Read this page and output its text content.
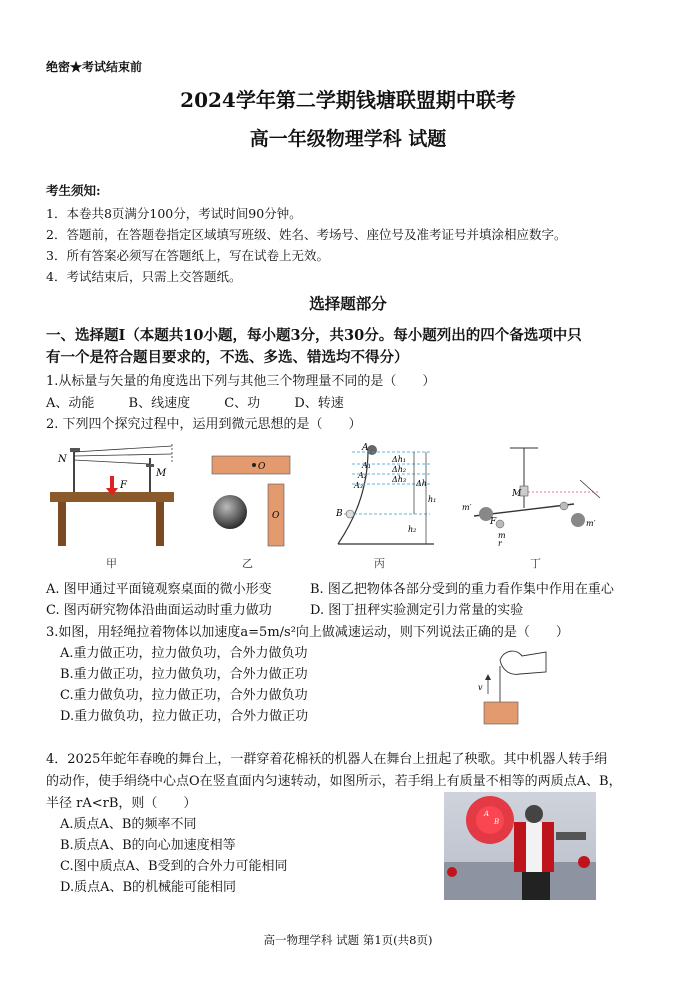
绝密★考试结束前
2024学年第二学期钱塘联盟期中联考
高一年级物理学科 试题
考生须知:
1．本卷共8页满分100分，考试时间90分钟。
2．答题前，在答题卷指定区域填写班级、姓名、考场号、座位号及准考证号并填涂相应数字。
3．所有答案必须写在答题纸上，写在试卷上无效。
4．考试结束后，只需上交答题纸。
选择题部分
一、选择题Ⅰ（本题共10小题，每小题3分，共30分。每小题列出的四个备选项中只
有一个是符合题目要求的，不选、多选、错选均不得分）
1.从标量与矢量的角度选出下列与其他三个物理量不同的是（　　）
A、动能	B、线速度	C、功	D、转速
2. 下列四个探究过程中，运用到微元思想的是（　　）
N
M
F
甲
O
O
乙
A
A₁
A₂
A₃
B
Δh₁
Δh₂
Δh₃ Δh
h₁
h₂
丙
M
m′
m
F
r
m′
丁
A. 图甲通过平面镜观察桌面的微小形变	B. 图乙把物体各部分受到的重力看作集中作用在重心
C. 图丙研究物体沿曲面运动时重力做功	D. 图丁扭秤实验测定引力常量的实验
3.如图，用轻绳拉着物体以加速度a=5m/s²向上做减速运动，则下列说法正确的是（　　）
A.重力做正功，拉力做负功，合外力做负功
B.重力做正功，拉力做负功，合外力做正功
C.重力做负功，拉力做正功，合外力做负功
D.重力做负功，拉力做正功，合外力做正功
v
4．2025年蛇年春晚的舞台上，一群穿着花棉袄的机器人在舞台上扭起了秧歌。其中机器人转手绢
的动作，使手绢绕中心点O在竖直面内匀速转动，如图所示，若手绢上有质量不相等的两质点A、B，
半径 rA<rB，则（　　）
A.质点A、B的频率不同
B.质点A、B的向心加速度相等
C.图中质点A、B受到的合外力可能相同
D.质点A、B的机械能可能相同
A
B
高一物理学科 试题 第1页(共8页)
